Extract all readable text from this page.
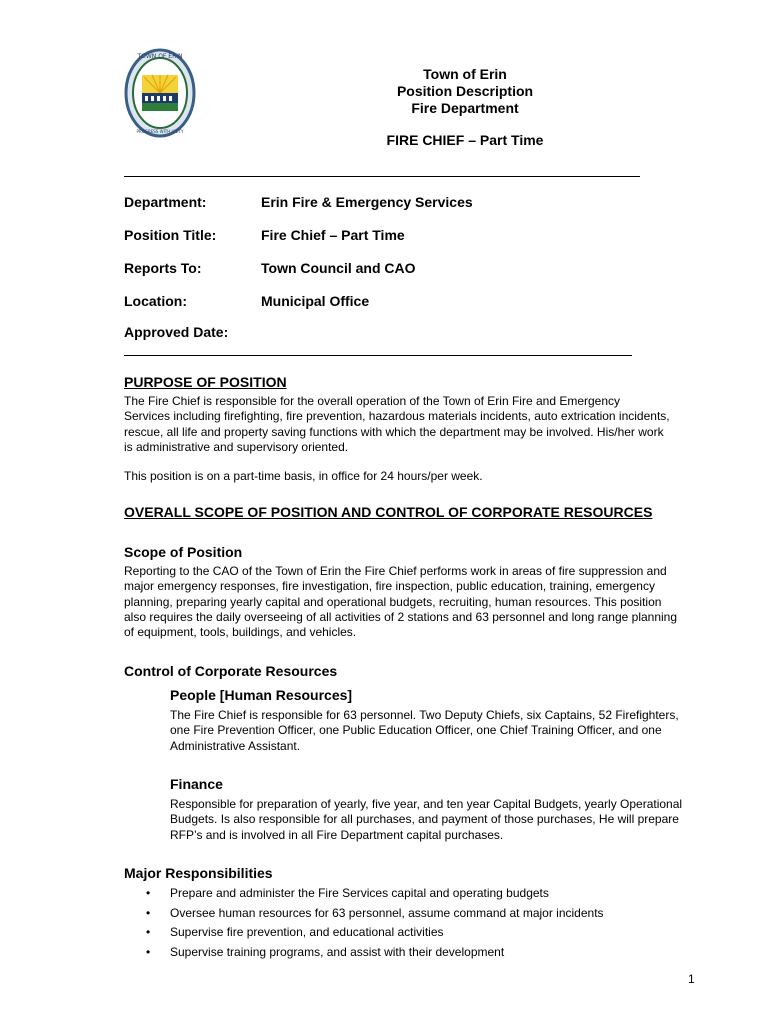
TOWN OF ERIN
PROGRESS WITH UNITY
Town of Erin
Position Description
Fire Department
FIRE CHIEF – Part Time
Department:	Erin Fire & Emergency Services
Position Title:	Fire Chief – Part Time
Reports To:	Town Council and CAO
Location:	Municipal Office
Approved Date:
PURPOSE OF POSITION
The Fire Chief is responsible for the overall operation of the Town of Erin Fire and Emergency
Services including firefighting, fire prevention, hazardous materials incidents, auto extrication incidents,
rescue, all life and property saving functions with which the department may be involved. His/her work
is administrative and supervisory oriented.
This position is on a part-time basis, in office for 24 hours/per week.
OVERALL SCOPE OF POSITION AND CONTROL OF CORPORATE RESOURCES
Scope of Position
Reporting to the CAO of the Town of Erin the Fire Chief performs work in areas of fire suppression and
major emergency responses, fire investigation, fire inspection, public education, training, emergency
planning, preparing yearly capital and operational budgets, recruiting, human resources. This position
also requires the daily overseeing of all activities of 2 stations and 63 personnel and long range planning
of equipment, tools, buildings, and vehicles.
Control of Corporate Resources
People [Human Resources]
The Fire Chief is responsible for 63 personnel. Two Deputy Chiefs, six Captains, 52 Firefighters,
one Fire Prevention Officer, one Public Education Officer, one Chief Training Officer, and one
Administrative Assistant.
Finance
Responsible for preparation of yearly, five year, and ten year Capital Budgets, yearly Operational
Budgets. Is also responsible for all purchases, and payment of those purchases, He will prepare
RFP’s and is involved in all Fire Department capital purchases.
Major Responsibilities
• Prepare and administer the Fire Services capital and operating budgets
• Oversee human resources for 63 personnel, assume command at major incidents
• Supervise fire prevention, and educational activities
• Supervise training programs, and assist with their development
1
